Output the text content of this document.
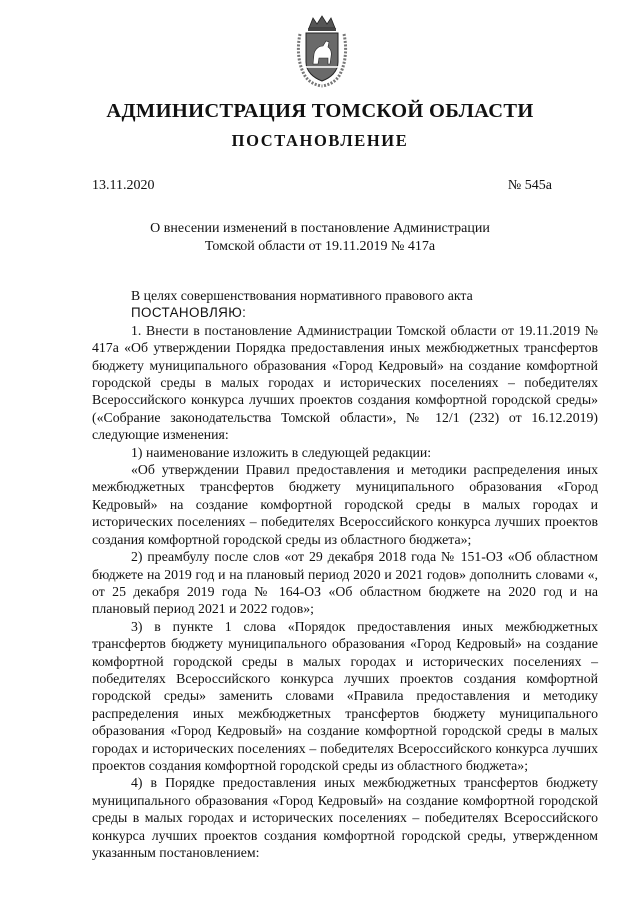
АДМИНИСТРАЦИЯ ТОМСКОЙ ОБЛАСТИ
ПОСТАНОВЛЕНИЕ
13.11.2020	№ 545а
О внесении изменений в постановление Администрации
Томской области от 19.11.2019 № 417а

В целях совершенствования нормативного правового акта

ПОСТАНОВЛЯЮ:

1. Внести в постановление Администрации Томской области от 19.11.2019 № 417а «Об утверждении Порядка предоставления иных межбюджетных трансфертов бюджету муниципального образования «Город Кедровый» на создание комфортной городской среды в малых городах и исторических поселениях – победителях Всероссийского конкурса лучших проектов создания комфортной городской среды» («Собрание законодательства Томской области», № 12/1 (232) от 16.12.2019) следующие изменения:

1) наименование изложить в следующей редакции:

«Об утверждении Правил предоставления и методики распределения иных межбюджетных трансфертов бюджету муниципального образования «Город Кедровый» на создание комфортной городской среды в малых городах и исторических поселениях – победителях Всероссийского конкурса лучших проектов создания комфортной городской среды из областного бюджета»;

2) преамбулу после слов «от 29 декабря 2018 года № 151-ОЗ «Об областном бюджете на 2019 год и на плановый период 2020 и 2021 годов» дополнить словами «, от 25 декабря 2019 года № 164-ОЗ «Об областном бюджете на 2020 год и на плановый период 2021 и 2022 годов»;

3) в пункте 1 слова «Порядок предоставления иных межбюджетных трансфертов бюджету муниципального образования «Город Кедровый» на создание комфортной городской среды в малых городах и исторических поселениях – победителях Всероссийского конкурса лучших проектов создания комфортной городской среды» заменить словами «Правила предоставления и методику распределения иных межбюджетных трансфертов бюджету муниципального образования «Город Кедровый» на создание комфортной городской среды в малых городах и исторических поселениях – победителях Всероссийского конкурса лучших проектов создания комфортной городской среды из областного бюджета»;

4) в Порядке предоставления иных межбюджетных трансфертов бюджету муниципального образования «Город Кедровый» на создание комфортной городской среды в малых городах и исторических поселениях – победителях Всероссийского конкурса лучших проектов создания комфортной городской среды, утвержденном указанным постановлением:
